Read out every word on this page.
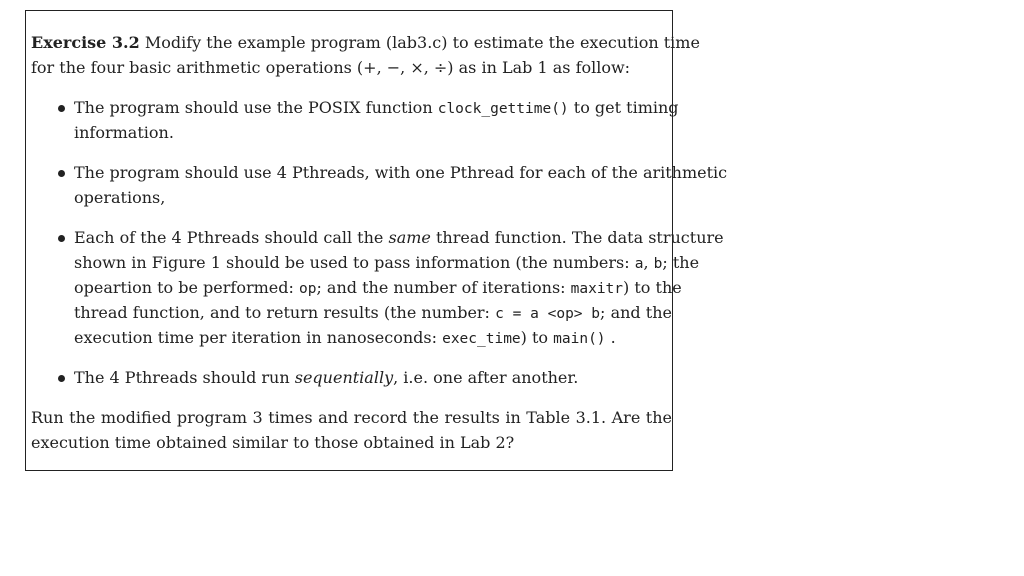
Exercise 3.2 Modify the example program (lab3.c) to estimate the execution time
for the four basic arithmetic operations (+, −, ×, ÷) as in Lab 1 as follow:
The program should use the POSIX function clock_gettime() to get timing
information.
The program should use 4 Pthreads, with one Pthread for each of the arithmetic
operations,
Each of the 4 Pthreads should call the same thread function. The data structure
shown in Figure 1 should be used to pass information (the numbers: a, b; the
opeartion to be performed: op; and the number of iterations: maxitr) to the
thread function, and to return results (the number: c = a <op> b; and the
execution time per iteration in nanoseconds: exec_time) to main() .
The 4 Pthreads should run sequentially, i.e. one after another.
Run the modified program 3 times and record the results in Table 3.1. Are the
execution time obtained similar to those obtained in Lab 2?
